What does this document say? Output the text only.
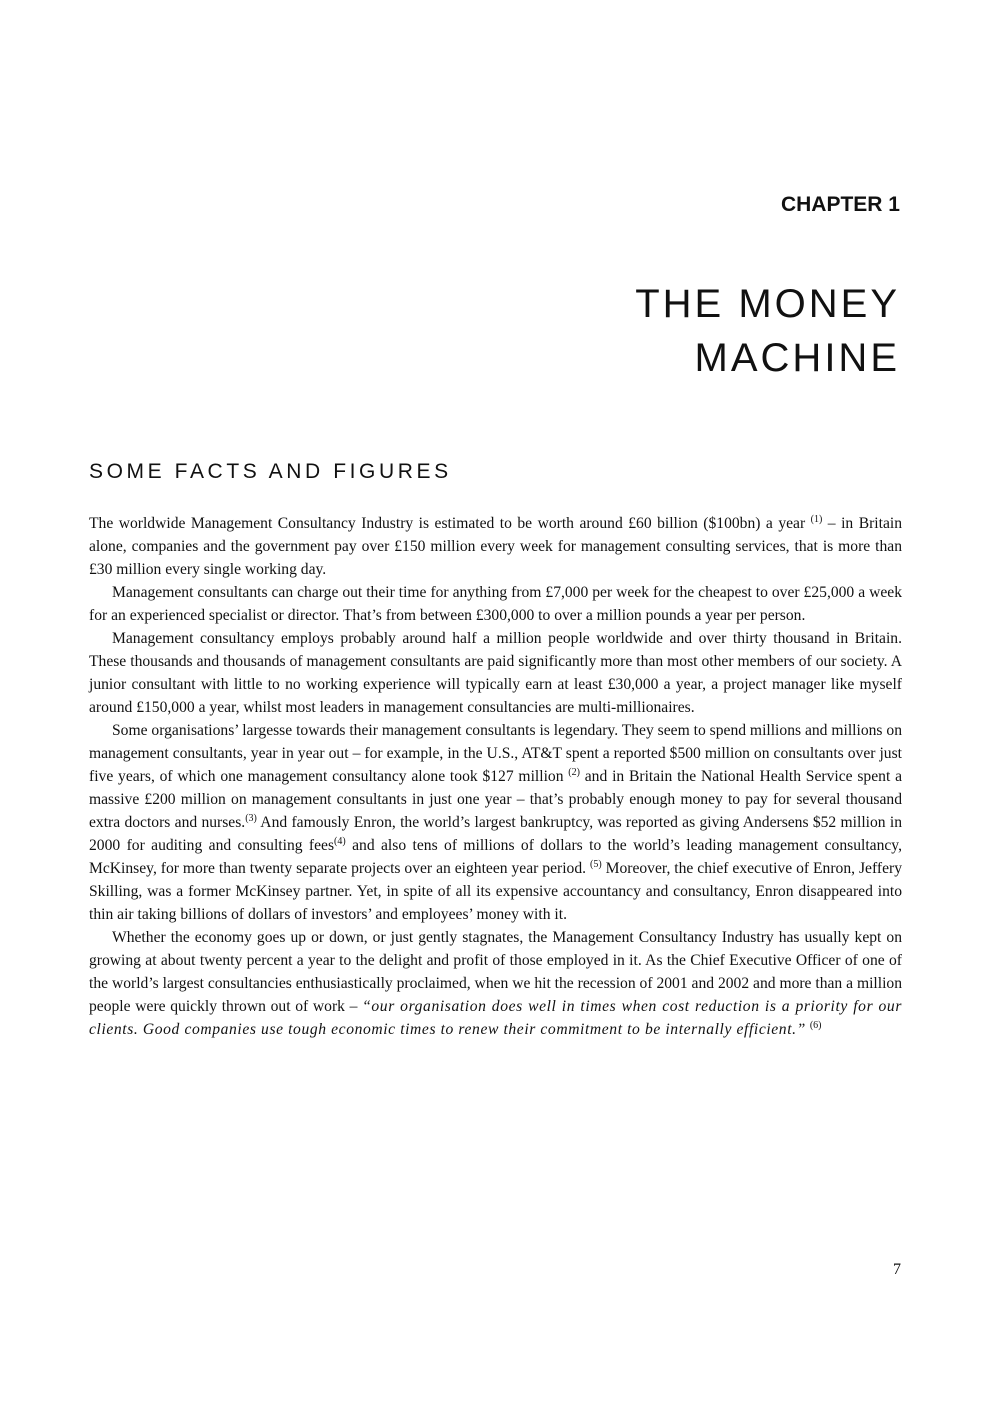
CHAPTER 1
THE MONEY
MACHINE
SOME FACTS AND FIGURES

The worldwide Management Consultancy Industry is estimated to be worth around £60 billion ($100bn) a year $^{(1)}$ – in Britain alone, companies and the government pay over £150 million every week for management consulting services, that is more than £30 million every single working day.

Management consultants can charge out their time for anything from £7,000 per week for the cheapest to over £25,000 a week for an experienced specialist or director. That’s from between £300,000 to over a million pounds a year per person.

Management consultancy employs probably around half a million people worldwide and over thirty thousand in Britain. These thousands and thousands of management consultants are paid significantly more than most other members of our society. A junior consultant with little to no working experience will typically earn at least £30,000 a year, a project manager like myself around £150,000 a year, whilst most leaders in management consultancies are multi-millionaires.

Some organisations’ largesse towards their management consultants is legendary. They seem to spend millions and millions on management consultants, year in year out – for example, in the U.S., AT&T spent a reported $500 million on consultants over just five years, of which one management consultancy alone took $127 million $^{(2)}$ and in Britain the National Health Service spent a massive £200 million on management consultants in just one year – that’s probably enough money to pay for several thousand extra doctors and nurses.$^{(3)}$ And famously Enron, the world’s largest bankruptcy, was reported as giving Andersens $52 million in 2000 for auditing and consulting fees$^{(4)}$ and also tens of millions of dollars to the world’s leading management consultancy, McKinsey, for more than twenty separate projects over an eighteen year period. $^{(5)}$ Moreover, the chief executive of Enron, Jeffery Skilling, was a former McKinsey partner. Yet, in spite of all its expensive accountancy and consultancy, Enron disappeared into thin air taking billions of dollars of investors’ and employees’ money with it.

Whether the economy goes up or down, or just gently stagnates, the Management Consultancy Industry has usually kept on growing at about twenty percent a year to the delight and profit of those employed in it. As the Chief Executive Officer of one of the world’s largest consultancies enthusiastically proclaimed, when we hit the recession of 2001 and 2002 and more than a million people were quickly thrown out of work – “our organisation does well in times when cost reduction is a priority for our clients. Good companies use tough economic times to renew their commitment to be internally efficient.” $^{(6)}$

7
